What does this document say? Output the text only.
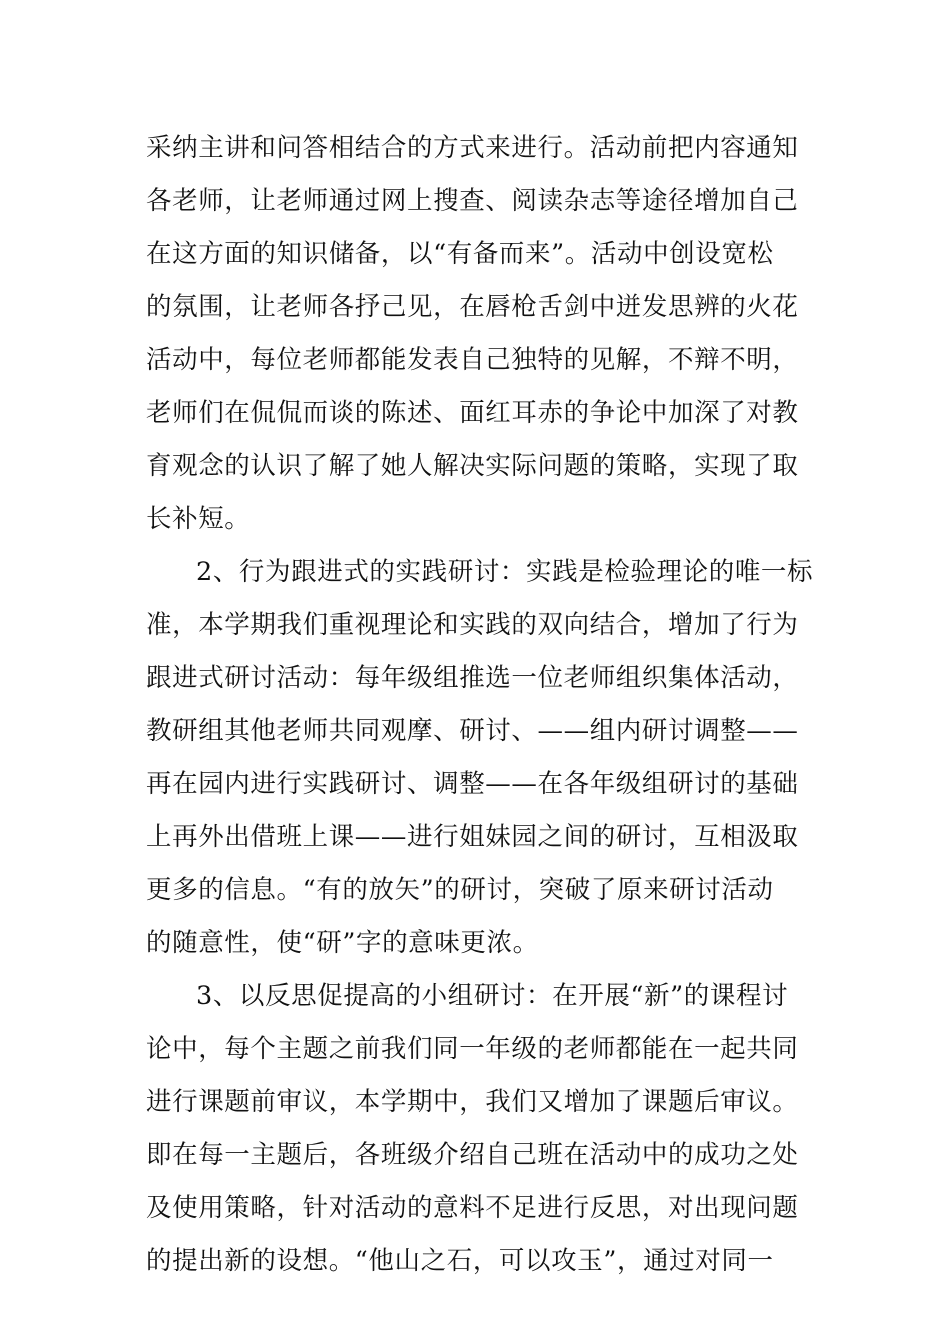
采纳主讲和问答相结合的方式来进行。活动前把内容通知
各老师，让老师通过网上搜查、阅读杂志等途径增加自己
在这方面的知识储备，以“有备而来”。活动中创设宽松
的氛围，让老师各抒己见，在唇枪舌剑中迸发思辨的火花
活动中，每位老师都能发表自己独特的见解，不辩不明，
老师们在侃侃而谈的陈述、面红耳赤的争论中加深了对教
育观念的认识了解了她人解决实际问题的策略，实现了取
长补短。
2、行为跟进式的实践研讨：实践是检验理论的唯一标
准，本学期我们重视理论和实践的双向结合，增加了行为
跟进式研讨活动：每年级组推选一位老师组织集体活动，
教研组其他老师共同观摩、研讨、——组内研讨调整——
再在园内进行实践研讨、调整——在各年级组研讨的基础
上再外出借班上课——进行姐妹园之间的研讨，互相汲取
更多的信息。“有的放矢”的研讨，突破了原来研讨活动
的随意性，使“研”字的意味更浓。
3、以反思促提高的小组研讨：在开展“新”的课程讨
论中，每个主题之前我们同一年级的老师都能在一起共同
进行课题前审议，本学期中，我们又增加了课题后审议。
即在每一主题后，各班级介绍自己班在活动中的成功之处
及使用策略，针对活动的意料不足进行反思，对出现问题
的提出新的设想。“他山之石，可以攻玉”，通过对同一
